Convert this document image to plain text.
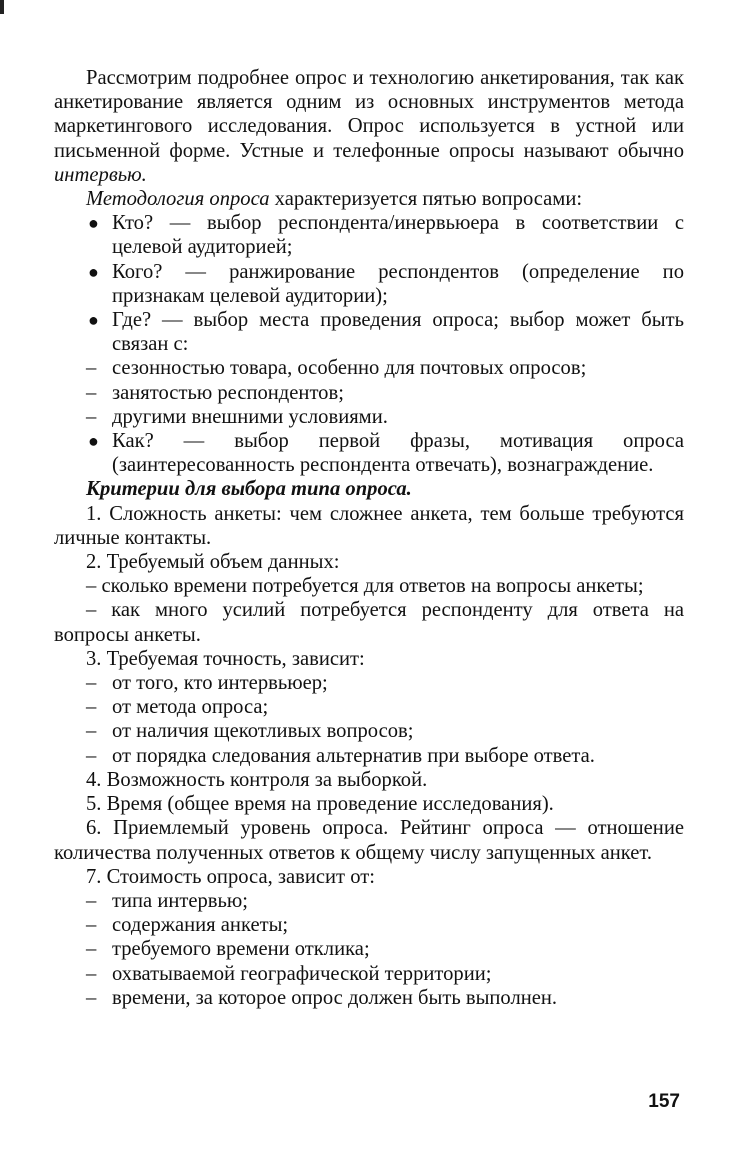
Рассмотрим подробнее опрос и технологию анкетирования, так как анкетирование является одним из основных инструментов метода маркетингового исследования. Опрос используется в устной или письменной форме. Устные и телефонные опросы называют обычно интервью.

Методология опроса характеризуется пятью вопросами:

● Кто? — выбор респондента/инервьюера в соответствии с целевой аудиторией;

● Кого? — ранжирование респондентов (определение по признакам целевой аудитории);

● Где? — выбор места проведения опроса; выбор может быть связан с:

– сезонностью товара, особенно для почтовых опросов;

– занятостью респондентов;

– другими внешними условиями.

● Как? — выбор первой фразы, мотивация опроса (заинтересованность респондента отвечать), вознаграждение.

Критерии для выбора типа опроса.

1. Сложность анкеты: чем сложнее анкета, тем больше требуются личные контакты.

2. Требуемый объем данных:

– сколько времени потребуется для ответов на вопросы анкеты;

– как много усилий потребуется респонденту для ответа на вопросы анкеты.

3. Требуемая точность, зависит:

– от того, кто интервьюер;

– от метода опроса;

– от наличия щекотливых вопросов;

– от порядка следования альтернатив при выборе ответа.

4. Возможность контроля за выборкой.

5. Время (общее время на проведение исследования).

6. Приемлемый уровень опроса. Рейтинг опроса — отношение количества полученных ответов к общему числу запущенных анкет.

7. Стоимость опроса, зависит от:

– типа интервью;

– содержания анкеты;

– требуемого времени отклика;

– охватываемой географической территории;

– времени, за которое опрос должен быть выполнен.

157
